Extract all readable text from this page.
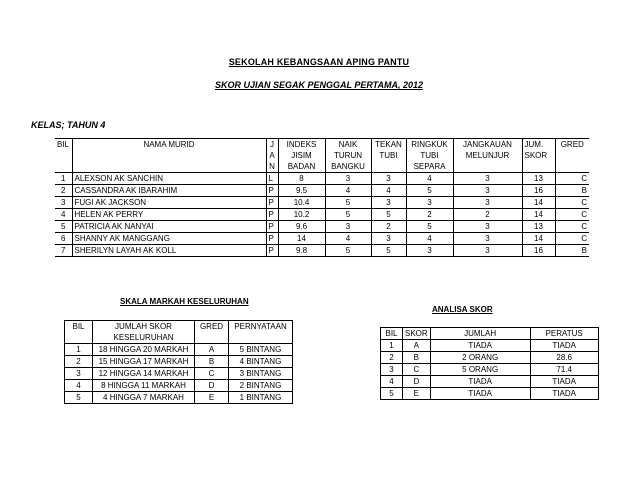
SEKOLAH KEBANGSAAN APING PANTU
SKOR UJIAN SEGAK PENGGAL PERTAMA, 2012
KELAS; TAHUN 4
BIL	NAMA MURID	J	INDEKS	NAIK	TEKAN	RINGKUK	JANGKAUAN	JUM.	GRED
		A	JISIM	TURUN	TUBI	TUBI	MELUNJUR	SKOR	
		N	BADAN	BANGKU		SEPARA			
1	ALEXSON AK SANCHIN	L	8	3	3	4	3	13	C
2	CASSANDRA AK IBARAHIM	P	9.5	4	4	5	3	16	B
3	FUGI AK JACKSON	P	10.4	5	3	3	3	14	C
4	HELEN AK PERRY	P	10.2	5	5	2	2	14	C
5	PATRICIA AK NANYAI	P	9.6	3	2	5	3	13	C
6	SHANNY AK MANGGANG	P	14	4	3	4	3	14	C
7	SHERILYN LAYAH AK KOLL	P	9.8	5	5	3	3	16	B
SKALA MARKAH KESELURUHAN
ANALISA SKOR
BIL	JUMLAH SKOR
KESELURUHAN	GRED	PERNYATAAN
1	18 HINGGA 20 MARKAH	A	5 BINTANG
2	15 HINGGA 17 MARKAH	B	4 BINTANG
3	12 HINGGA 14 MARKAH	C	3 BINTANG
4	8 HINGGA 11 MARKAH	D	2 BINTANG
5	4 HINGGA 7 MARKAH	E	1 BINTANG
BIL	SKOR	JUMLAH	PERATUS
1	A	TIADA	TIADA
2	B	2 ORANG	28.6
3	C	5 ORANG	71.4
4	D	TIADA	TIADA
5	E	TIADA	TIADA
